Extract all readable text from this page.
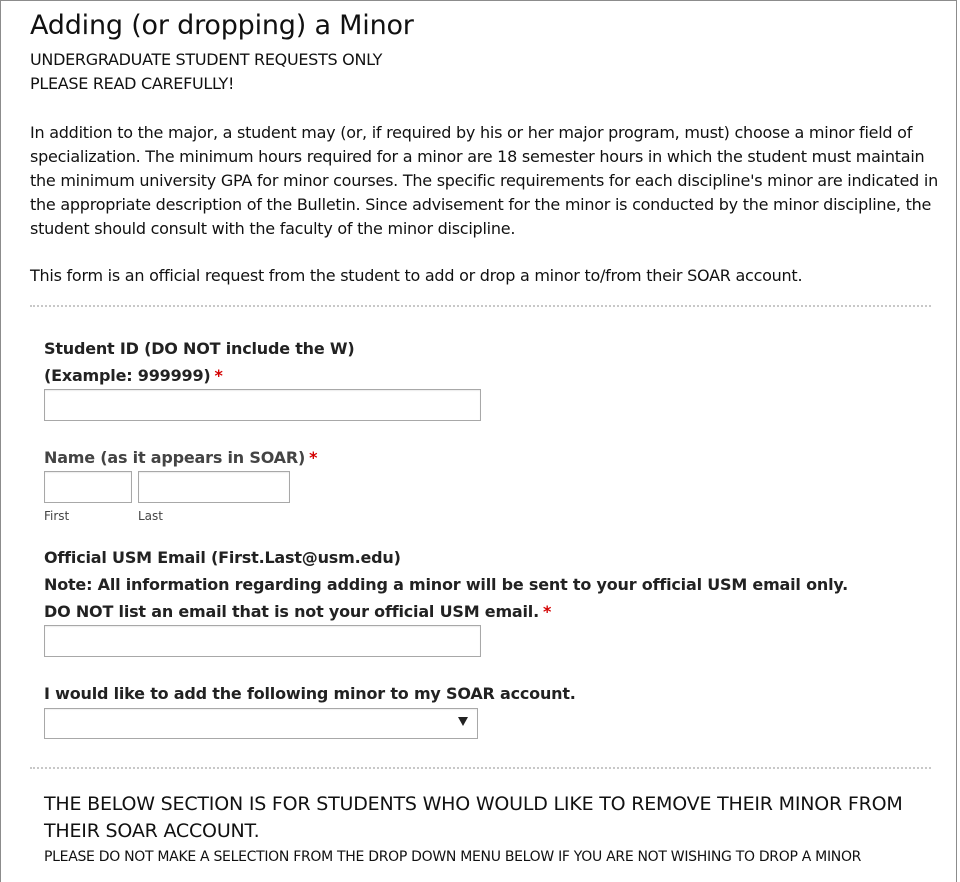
Adding (or dropping) a Minor
UNDERGRADUATE STUDENT REQUESTS ONLY
PLEASE READ CAREFULLY!

In addition to the major, a student may (or, if required by his or her major program, must) choose a minor field of specialization. The minimum hours required for a minor are 18 semester hours in which the student must maintain the minimum university GPA for minor courses. The specific requirements for each discipline's minor are indicated in the appropriate description of the Bulletin. Since advisement for the minor is conducted by the minor discipline, the student should consult with the faculty of the minor discipline.

This form is an official request from the student to add or drop a minor to/from their SOAR account.

Student ID (DO NOT include the W)
(Example: 999999) *
Name (as it appears in SOAR) *
First	Last
Official USM Email (First.Last@usm.edu)
Note: All information regarding adding a minor will be sent to your official USM email only.
DO NOT list an email that is not your official USM email. *
I would like to add the following minor to my SOAR account.

THE BELOW SECTION IS FOR STUDENTS WHO WOULD LIKE TO REMOVE THEIR MINOR FROM THEIR SOAR ACCOUNT.

PLEASE DO NOT MAKE A SELECTION FROM THE DROP DOWN MENU BELOW IF YOU ARE NOT WISHING TO DROP A MINOR
